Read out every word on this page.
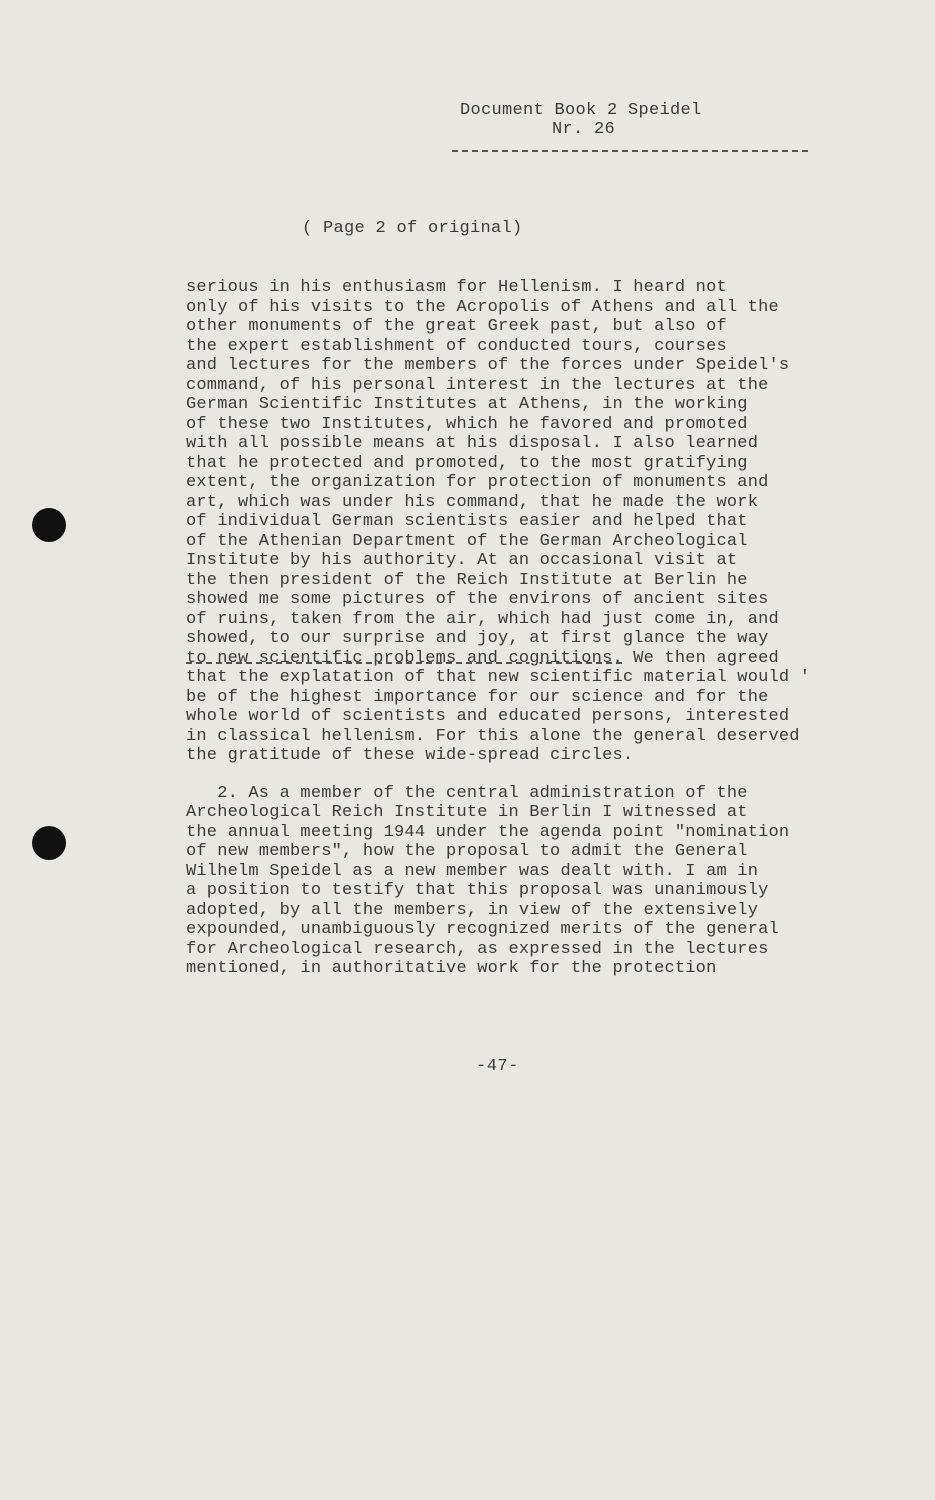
Document Book 2 Speidel
Nr. 26
( Page 2 of original)
serious in his enthusiasm for Hellenism. I heard not
only of his visits to the Acropolis of Athens and all the
other monuments of the great Greek past, but also of
the expert establishment of conducted tours, courses
and lectures for the members of the forces under Speidel's
command, of his personal interest in the lectures at the
German Scientific Institutes at Athens, in the working
of these two Institutes, which he favored and promoted
with all possible means at his disposal. I also learned
that he protected and promoted, to the most gratifying
extent, the organization for protection of monuments and
art, which was under his command, that he made the work
of individual German scientists easier and helped that
of the Athenian Department of the German Archeological
Institute by his authority. At an occasional visit at
the then president of the Reich Institute at Berlin he
showed me some pictures of the environs of ancient sites
of ruins, taken from the air, which had just come in, and
showed, to our surprise and joy, at first glance the way
to new scientific problems and cognitions. We then agreed
that the explatation of that new scientific material would '
be of the highest importance for our science and for the
whole world of scientists and educated persons, interested
in classical hellenism. For this alone the general deserved
the gratitude of these wide-spread circles.
2. As a member of the central administration of the
Archeological Reich Institute in Berlin I witnessed at
the annual meeting 1944 under the agenda point "nomination
of new members", how the proposal to admit the General
Wilhelm Speidel as a new member was dealt with. I am in
a position to testify that this proposal was unanimously
adopted, by all the members, in view of the extensively
expounded, unambiguously recognized merits of the general
for Archeological research, as expressed in the lectures
mentioned, in authoritative work for the protection
-47-
